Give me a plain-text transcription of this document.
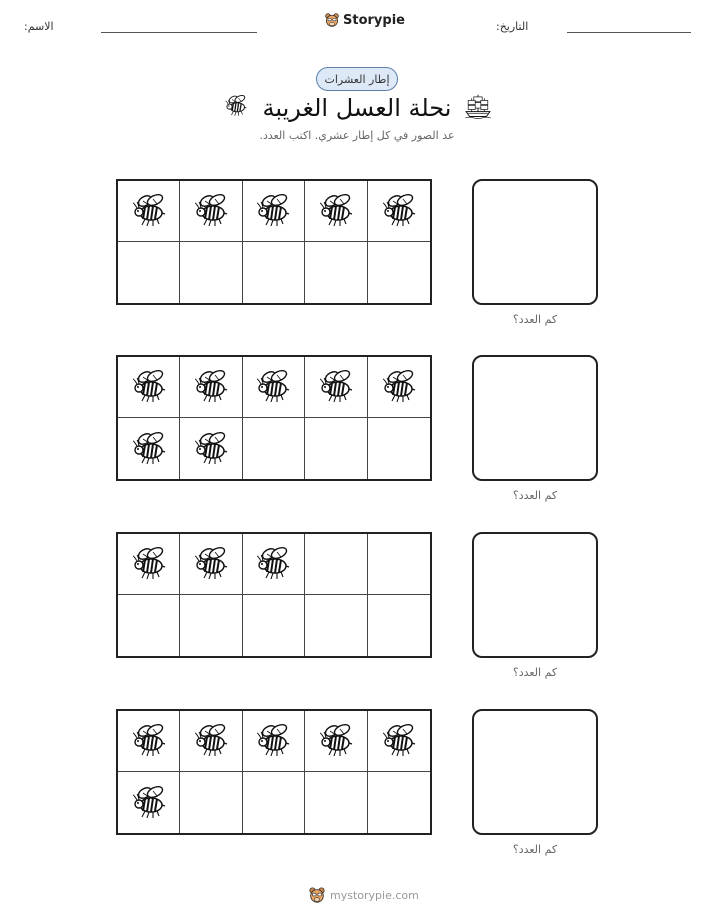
الاسم:	Storypie	التاريخ:
إطار العشرات
نحلة العسل الغريبة
عد الصور في كل إطار عشري. اكتب العدد.
كم العدد؟
كم العدد؟
كم العدد؟
كم العدد؟
mystorypie.com
